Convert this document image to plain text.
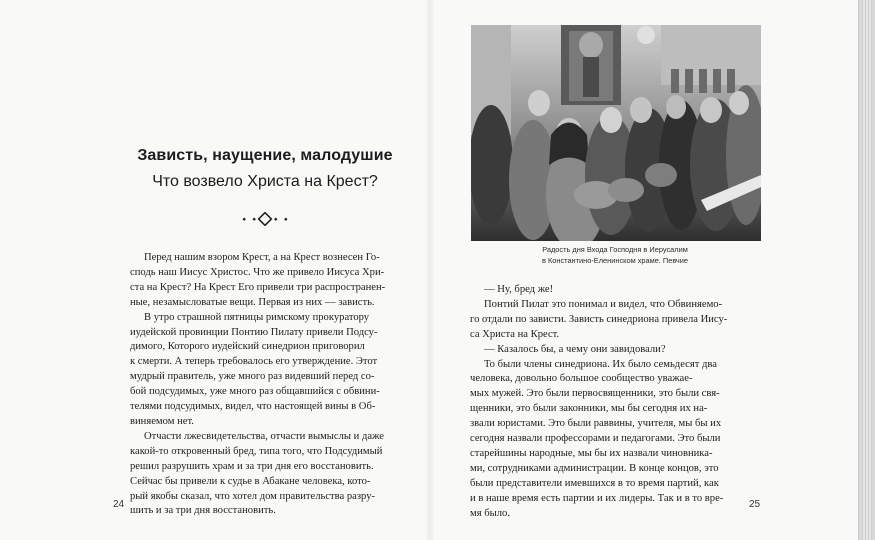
Зависть, наущение, малодушие
Что возвело Христа на Крест?

Перед нашим взором Крест, а на Крест вознесен Го-

сподь наш Иисус Христос. Что же привело Иисуса Хри-
ста на Крест? На Крест Его привели три распространен-
ные, незамысловатые вещи. Первая из них — зависть.

В утро страшной пятницы римскому прокуратору

иудейской провинции Понтию Пилату привели Подсу-
димого, Которого иудейский синедрион приговорил
к смерти. А теперь требовалось его утверждение. Этот
мудрый правитель, уже много раз видевший перед со-
бой подсудимых, уже много раз общавшийся с обвини-
телями подсудимых, видел, что настоящей вины в Об-
виняемом нет.

Отчасти лжесвидетельства, отчасти вымыслы и даже

какой-то откровенный бред, типа того, что Подсудимый
решил разрушить храм и за три дня его восстановить.
Сейчас бы привели к судье в Абакане человека, кото-
рый якобы сказал, что хотел дом правительства разру-
шить и за три дня восстановить.
24
Радость дня Входа Господня в Иерусалим
в Константино-Еленинском храме. Певчие

— Ну, бред же!

Понтий Пилат это понимал и видел, что Обвиняемо-

го отдали по зависти. Зависть синедриона привела Иису-
са Христа на Крест.

— Казалось бы, а чему они завидовали?

То были члены синедриона. Их было семьдесят два

человека, довольно большое сообщество уважае-
мых мужей. Это были первосвященники, это были свя-
щенники, это были законники, мы бы сегодня их на-
звали юристами. Это были раввины, учителя, мы бы их
сегодня назвали профессорами и педагогами. Это были
старейшины народные, мы бы их назвали чиновника-
ми, сотрудниками администрации. В конце концов, это
были представители имевшихся в то время партий, как
и в наше время есть партии и их лидеры. Так и в то вре-
мя было.
25
